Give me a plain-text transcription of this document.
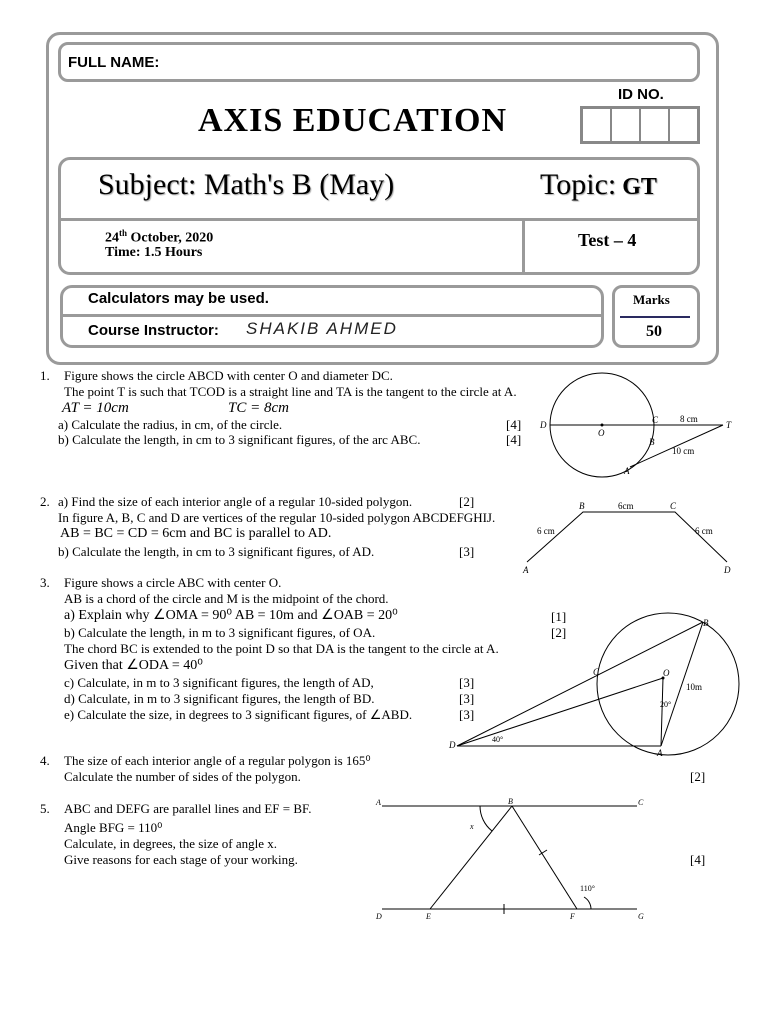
FULL NAME:
ID NO.
AXIS EDUCATION
Subject: Math's B (May)	Topic: GT
24th October, 2020
Time: 1.5 Hours
Test – 4
Calculators may be used.
Course Instructor: SHAKIB AHMED
Marks
50
1. Figure shows the circle ABCD with center O and diameter DC.
The point T is such that TCOD is a straight line and TA is the tangent to the circle at A.
AT = 10cm	TC = 8cm
a) Calculate the radius, in cm, of the circle.	[4]
b) Calculate the length, in cm to 3 significant figures, of the arc ABC.	[4]
D
O
C	T
B
A
8 cm
10 cm
2. a) Find the size of each interior angle of a regular 10-sided polygon.	[2]
In figure A, B, C and D are vertices of the regular 10-sided polygon ABCDEFGHIJ.
AB = BC = CD = 6cm and BC is parallel to AD.
b) Calculate the length, in cm to 3 significant figures, of AD.	[3]
A
B	C
D
6cm
6 cm	6 cm
3. Figure shows a circle ABC with center O.
AB is a chord of the circle and M is the midpoint of the chord.
a) Explain why ∠OMA = 90⁰ AB = 10m and ∠OAB = 20⁰	[1]
b) Calculate the length, in m to 3 significant figures, of OA.	[2]
The chord BC is extended to the point D so that DA is the tangent to the circle at A.
Given that ∠ODA = 40⁰
c) Calculate, in m to 3 significant figures, the length of AD,	[3]
d) Calculate, in m to 3 significant figures, the length of BD.	[3]
e) Calculate the size, in degrees to 3 significant figures, of ∠ABD.	[3]
B
C	O
D
A
10m
20°
40°
4. The size of each interior angle of a regular polygon is 165⁰
Calculate the number of sides of the polygon.	[2]
5. ABC and DEFG are parallel lines and EF = BF.
Angle BFG = 110⁰
Calculate, in degrees, the size of angle x.
Give reasons for each stage of your working.	[4]
A	B	C
D	E	F	G
x
110°
